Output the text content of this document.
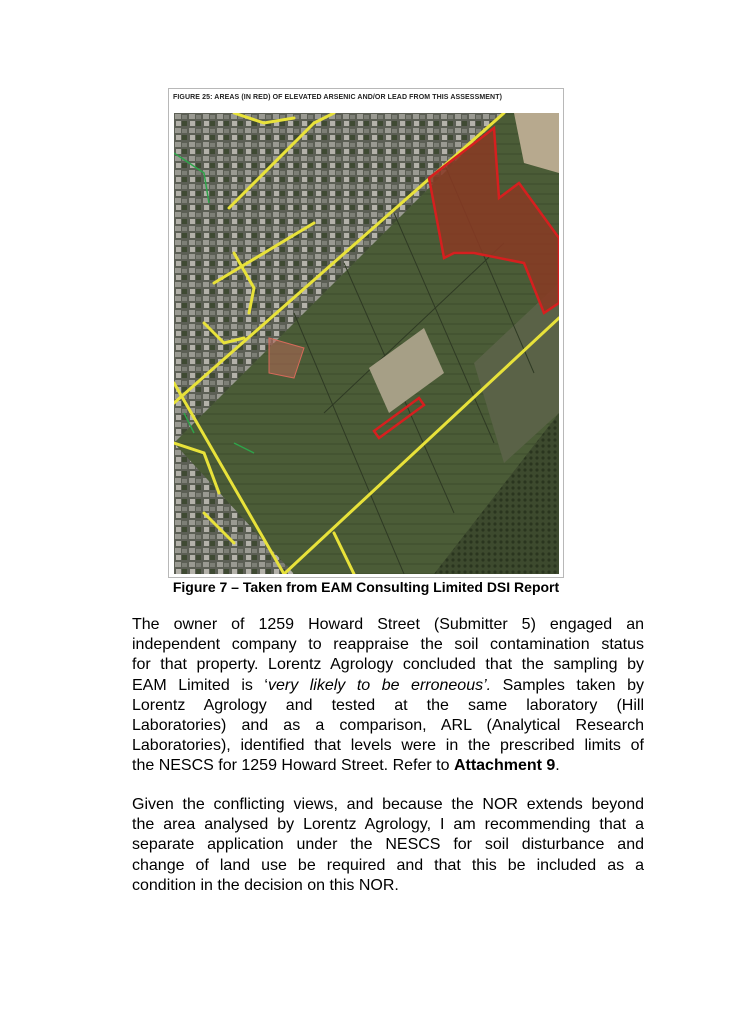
FIGURE 25: AREAS (IN RED) OF ELEVATED ARSENIC AND/OR LEAD FROM THIS ASSESSMENT)
Figure 7 – Taken from EAM Consulting Limited DSI Report
The owner of 1259 Howard Street (Submitter 5) engaged an
independent company to reappraise the soil contamination status
for that property. Lorentz Agrology concluded that the sampling by
EAM Limited is ‘very likely to be erroneous’. Samples taken by
Lorentz Agrology and tested at the same laboratory (Hill
Laboratories) and as a comparison, ARL (Analytical Research
Laboratories), identified that levels were in the prescribed limits of
the NESCS for 1259 Howard Street. Refer to Attachment 9.
Given the conflicting views, and because the NOR extends beyond
the area analysed by Lorentz Agrology, I am recommending that a
separate application under the NESCS for soil disturbance and
change of land use be required and that this be included as a
condition in the decision on this NOR.
